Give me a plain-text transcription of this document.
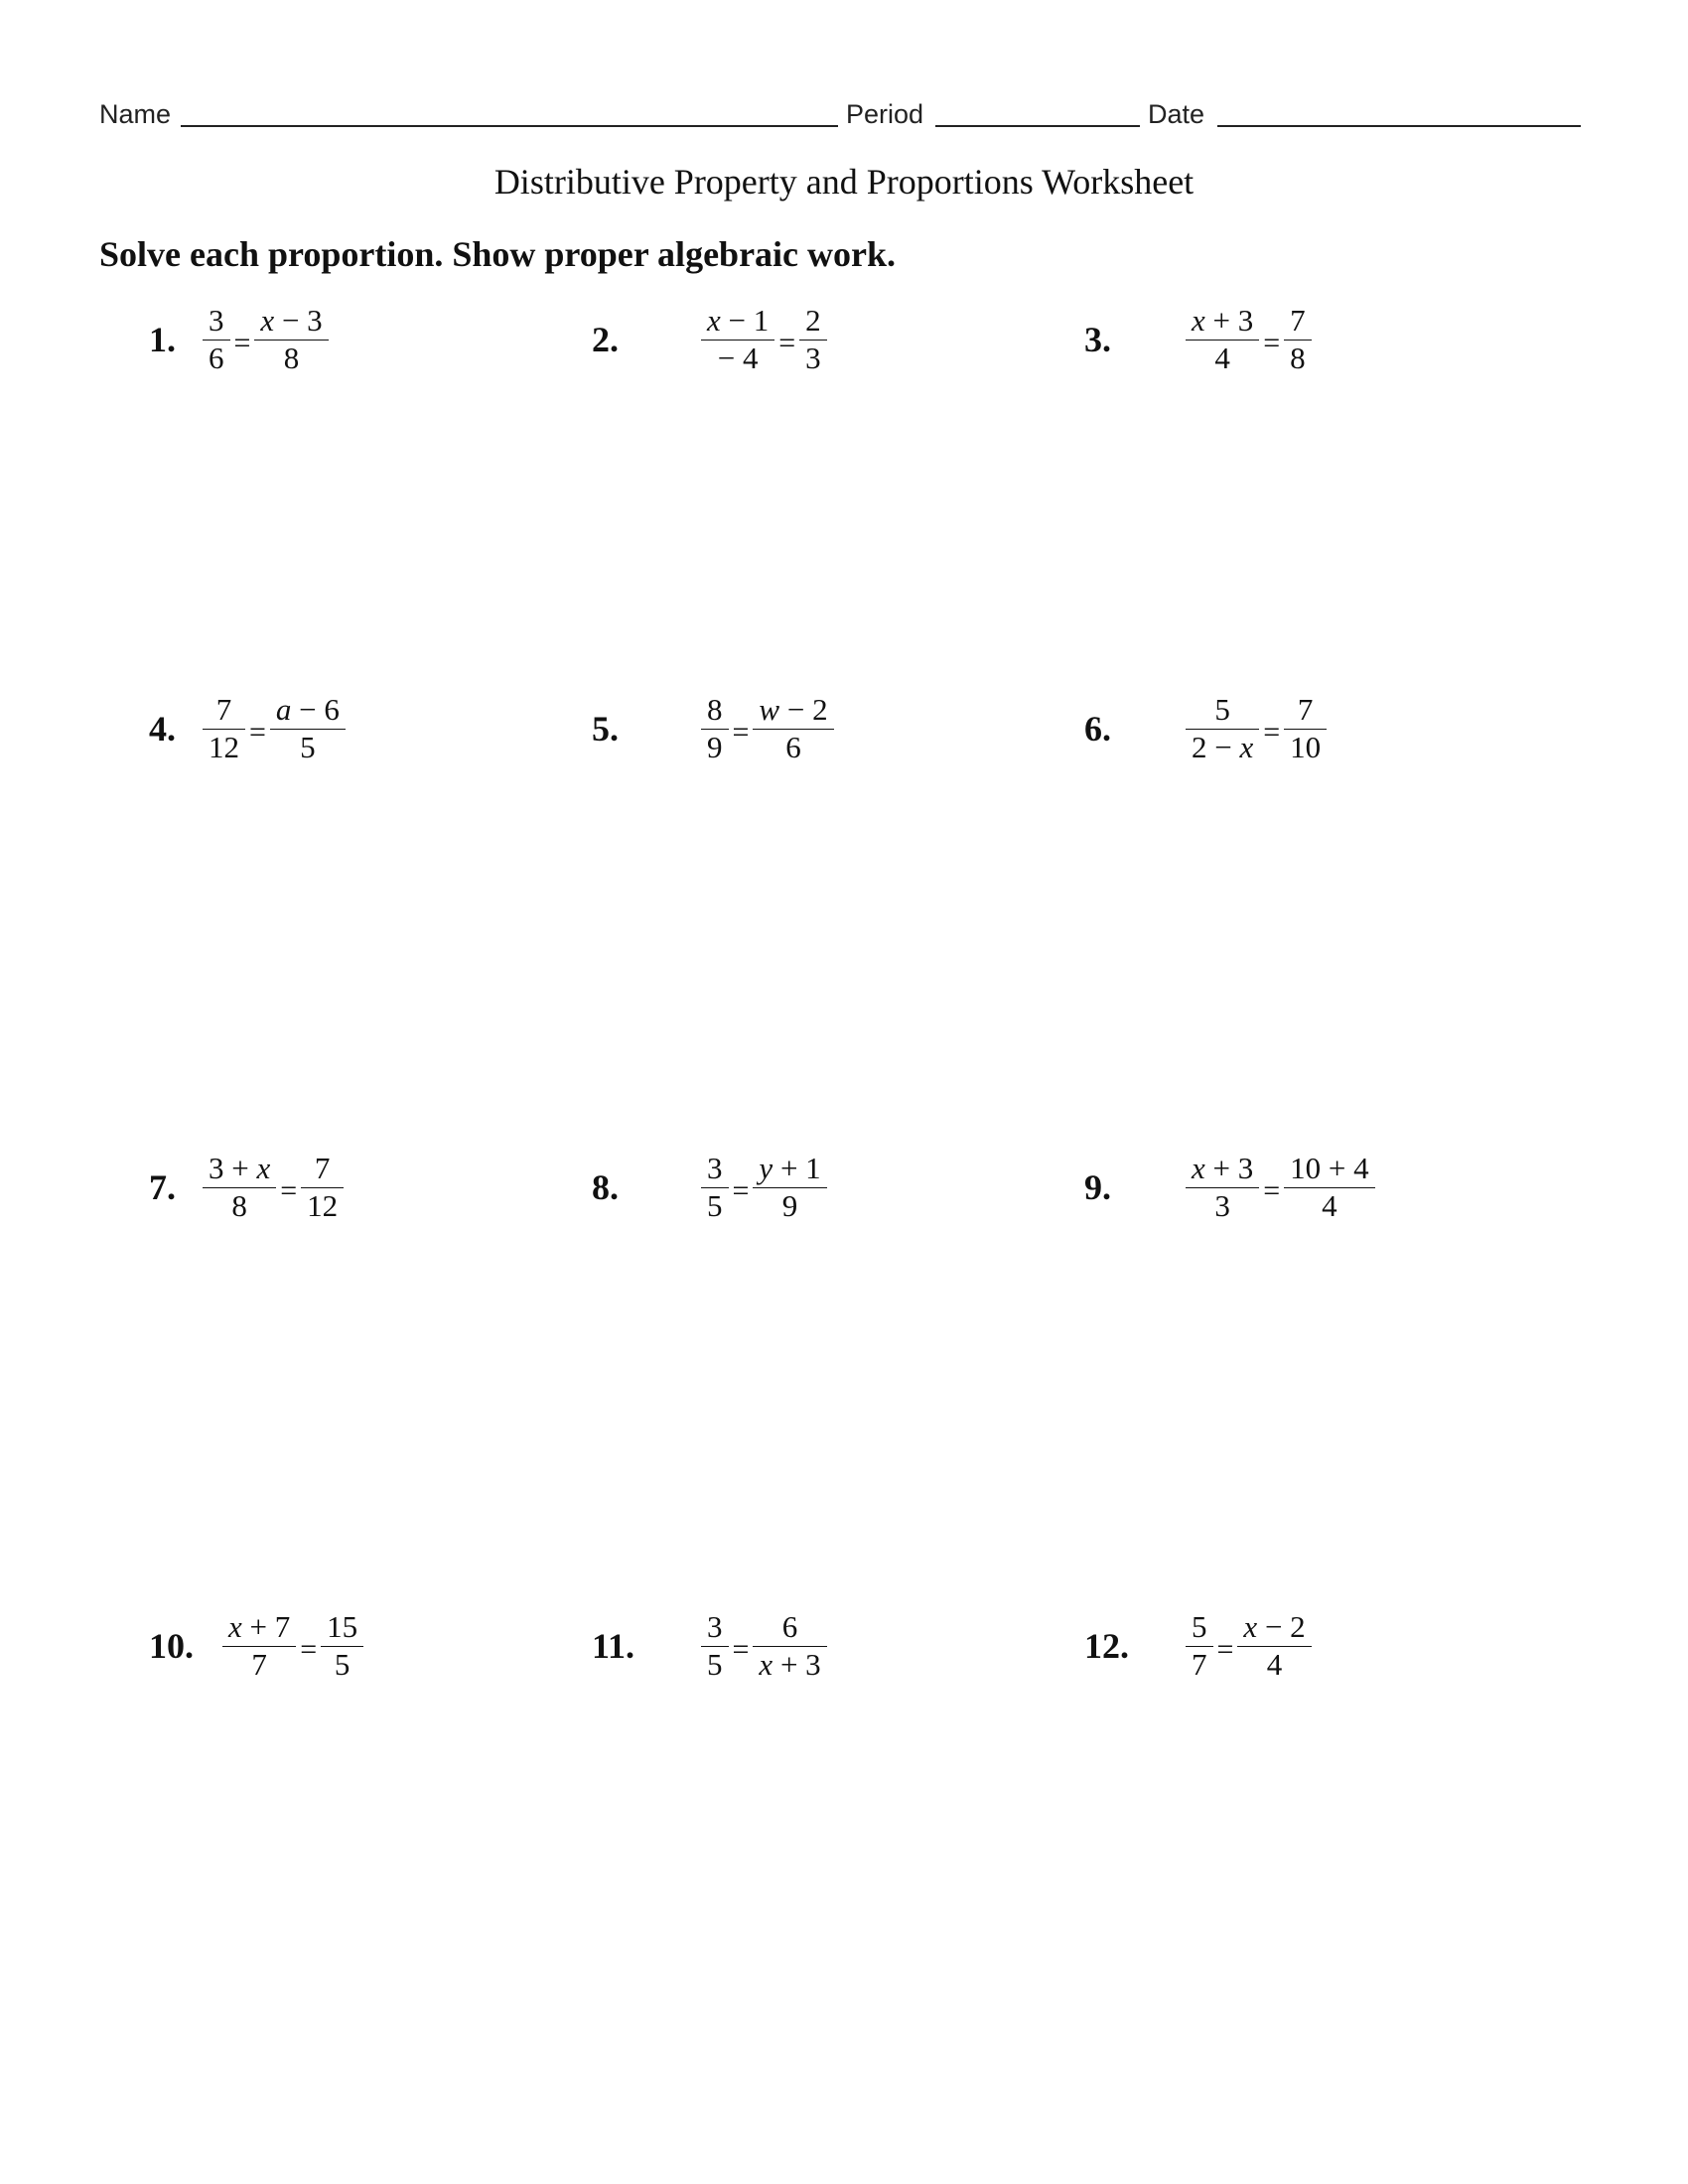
Name	Period	Date
Distributive Property and Proportions Worksheet
Solve each proportion. Show proper algebraic work.
1. $\frac{3}{6} = \frac{x - 3}{8}$	2.	$\frac{x - 1}{- 4} = \frac{2}{3}$	3.	$\frac{x + 3}{4} = \frac{7}{8}$
4. $\frac{7}{12} = \frac{a - 6}{5}$	5.	$\frac{8}{9} = \frac{w - 2}{6}$	6.	$\frac{5}{2 - x} = \frac{7}{10}$
7. $\frac{3 + x}{8} = \frac{7}{12}$	8.	$\frac{3}{5} = \frac{y + 1}{9}$	9.	$\frac{x + 3}{3} = \frac{10 + 4}{4}$
10. $\frac{x + 7}{7} = \frac{15}{5}$	11.	$\frac{3}{5} = \frac{6}{x + 3}$	12.	$\frac{5}{7} = \frac{x - 2}{4}$
